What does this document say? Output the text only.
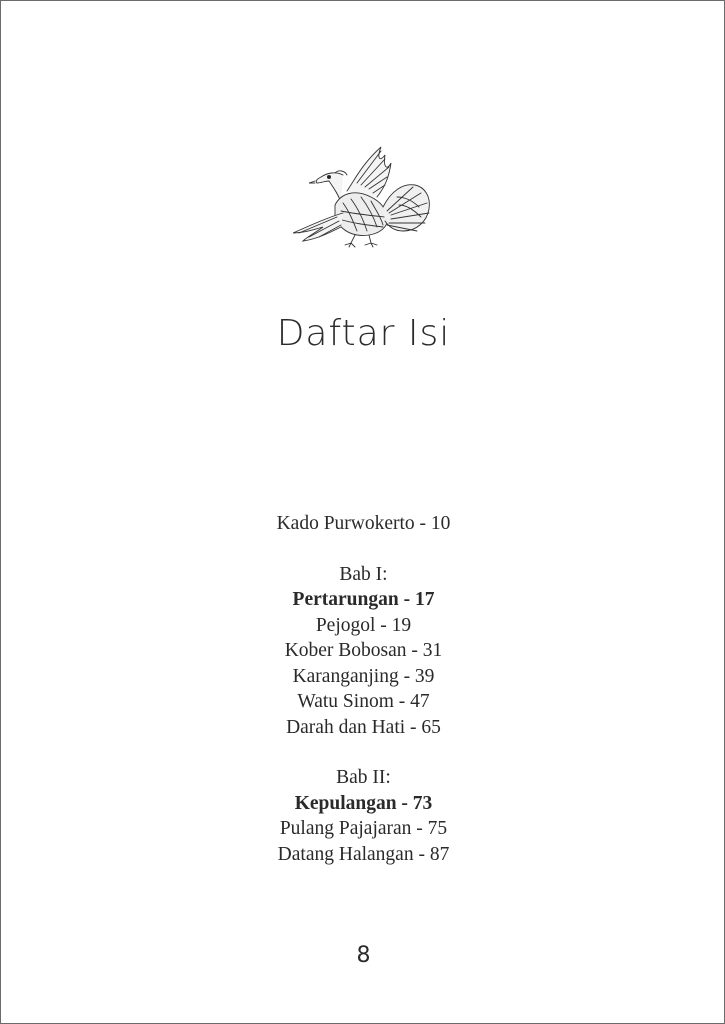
Daftar Isi
Kado Purwokerto - 10
Bab I:
Pertarungan - 17
Pejogol - 19
Kober Bobosan - 31
Karanganjing - 39
Watu Sinom - 47
Darah dan Hati - 65
Bab II:
Kepulangan - 73
Pulang Pajajaran - 75
Datang Halangan - 87
8
